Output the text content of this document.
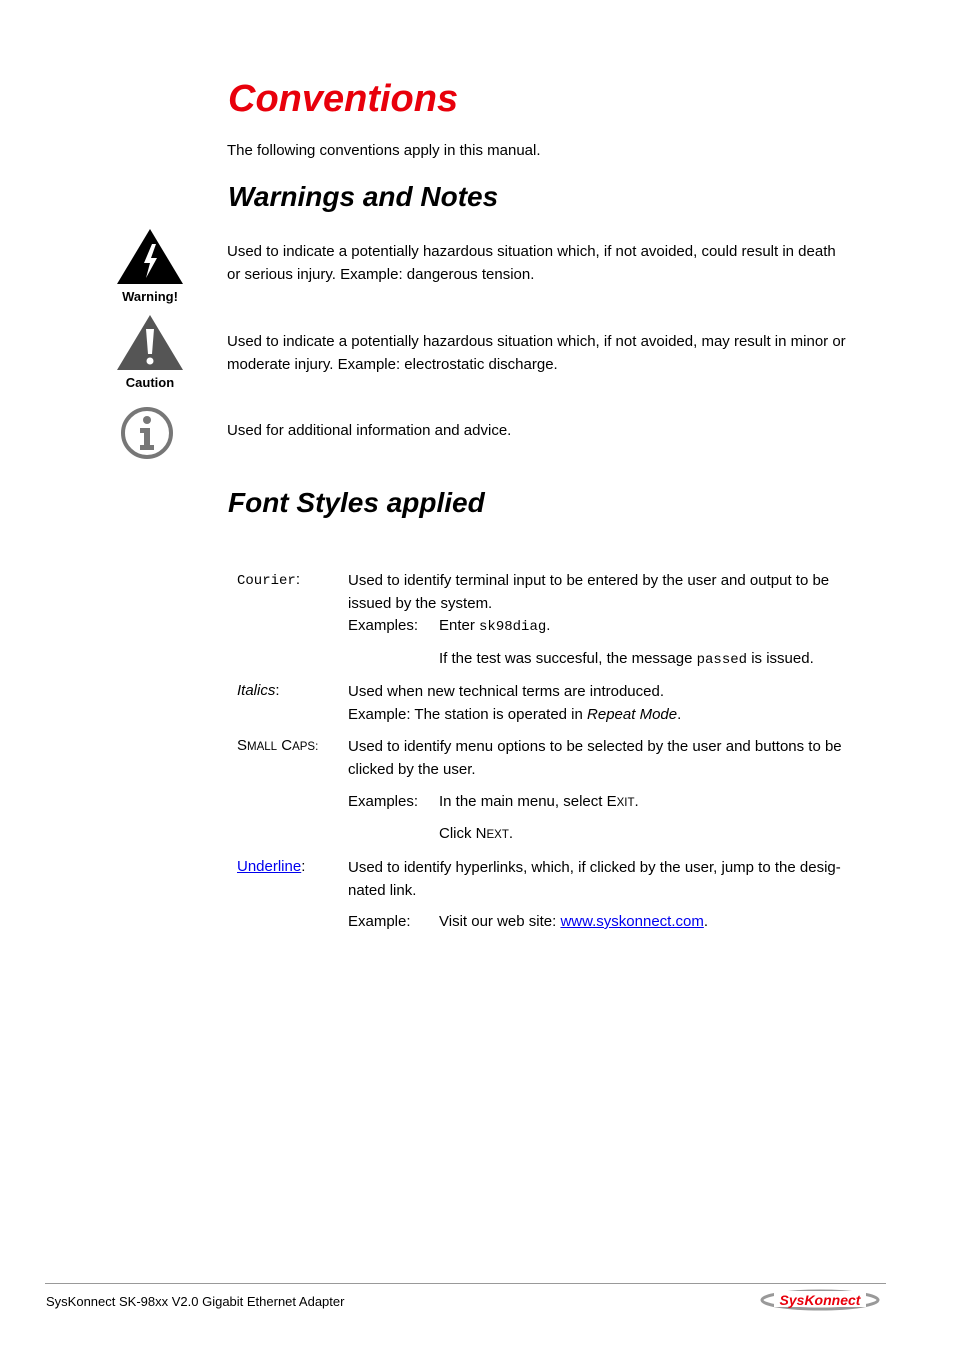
Conventions
The following conventions apply in this manual.
Warnings and Notes
Warning!
Used to indicate a potentially hazardous situation which, if not avoided, could result in death
or serious injury. Example: dangerous tension.
Caution
Used to indicate a potentially hazardous situation which, if not avoided, may result in minor or
moderate injury. Example: electrostatic discharge.
Used for additional information and advice.
Font Styles applied
Courier:	Used to identify terminal input to be entered by the user and output to be
issued by the system.
Examples: Enter sk98diag.
If the test was succesful, the message passed is issued.
Italics:	Used when new technical terms are introduced.
Example: The station is operated in Repeat Mode.
SMALL CAPS: Used to identify menu options to be selected by the user and buttons to be
clicked by the user.
Examples: In the main menu, select EXIT.
Click NEXT.
Underline:	Used to identify hyperlinks, which, if clicked by the user, jump to the desig-
nated link.
Example: Visit our web site: www.syskonnect.com.
SysKonnect SK-98xx V2.0 Gigabit Ethernet Adapter	SysKonnect
